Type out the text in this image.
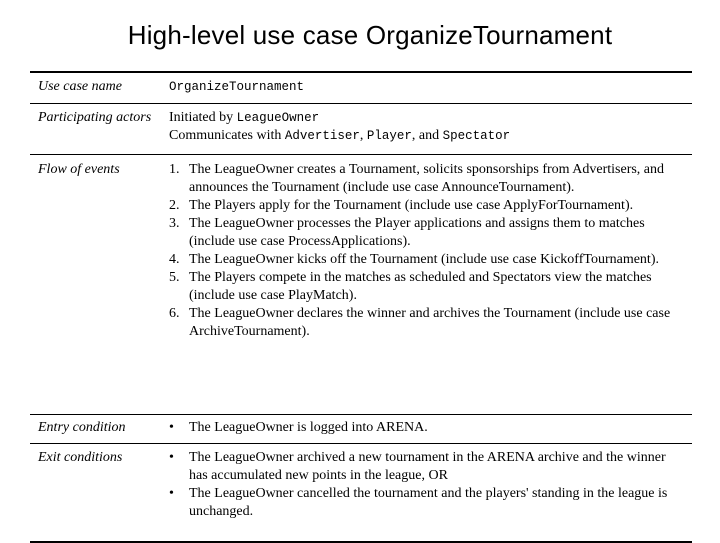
High-level use case OrganizeTournament
Use case name	OrganizeTournament
Participating actors	Initiated by LeagueOwner
Communicates with Advertiser, Player, and Spectator
Flow of events	1. The LeagueOwner creates a Tournament, solicits sponsorships from Advertisers, and announces the Tournament (include use case AnnounceTournament).
2. The Players apply for the Tournament (include use case ApplyForTournament).
3. The LeagueOwner processes the Player applications and assigns them to matches (include use case ProcessApplications).
4. The LeagueOwner kicks off the Tournament (include use case KickoffTournament).
5. The Players compete in the matches as scheduled and Spectators view the matches (include use case PlayMatch).
6. The LeagueOwner declares the winner and archives the Tournament (include use case ArchiveTournament).
Entry condition	•	The LeagueOwner is logged into ARENA.
Exit conditions	•	The LeagueOwner archived a new tournament in the ARENA archive and the winner has accumulated new points in the league, OR
•	The LeagueOwner cancelled the tournament and the players' standing in the league is unchanged.
